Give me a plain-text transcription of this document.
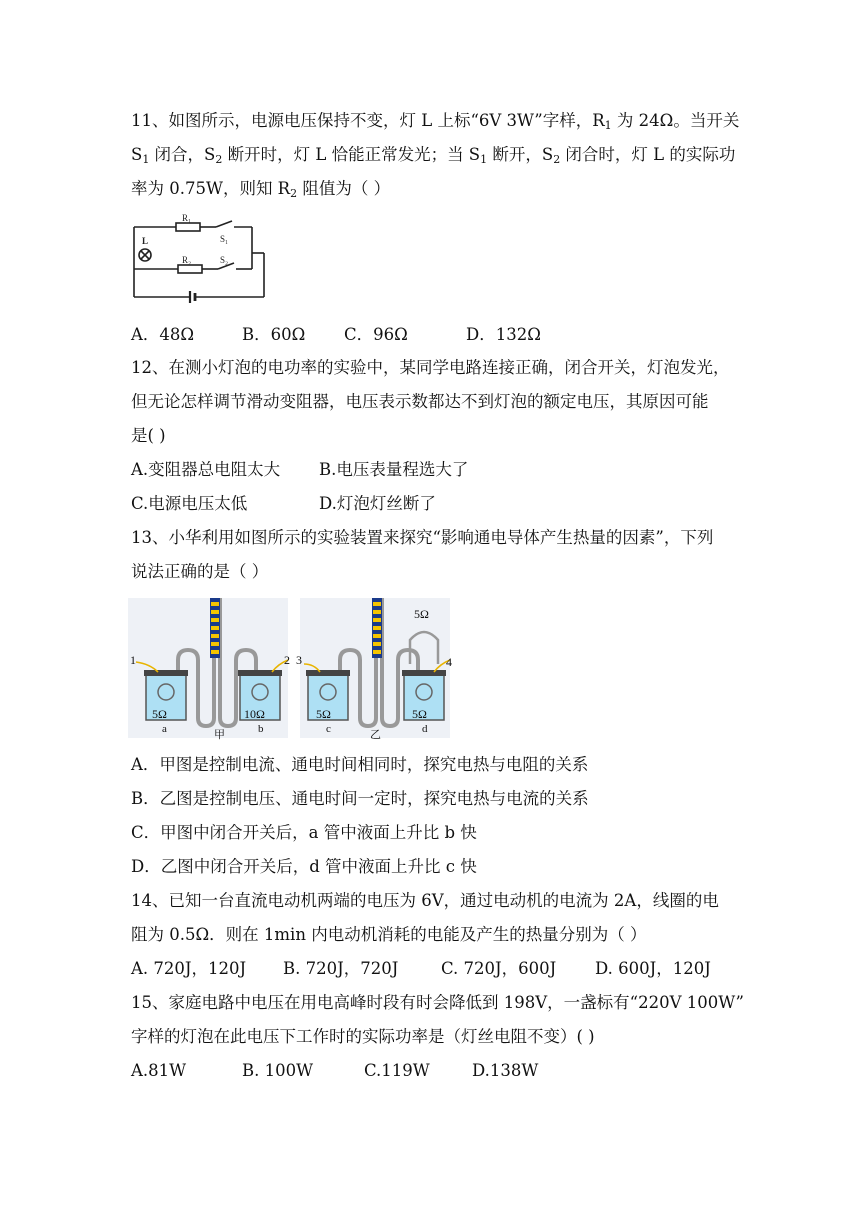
11、如图所示，电源电压保持不变，灯 L 上标“6V 3W”字样，$R_1$ 为 24Ω。当开关
$S_1$ 闭合，$S_2$ 断开时，灯 L 恰能正常发光；当 $S_1$ 断开，$S_2$ 闭合时，灯 L 的实际功
率为 0.75W，则知 $R_2$ 阻值为（ ）
L
R₁
S₁
R₂	S₂
A．48Ω	B．60Ω C．96Ω	D．132Ω
12、在测小灯泡的电功率的实验中，某同学电路连接正确，闭合开关，灯泡发光，
但无论怎样调节滑动变阻器，电压表示数都达不到灯泡的额定电压，其原因可能
是( )
A.变阻器总电阻太大 B.电压表量程选大了
C.电源电压太低	D.灯泡灯丝断了
13、小华利用如图所示的实验装置来探究“影响通电导体产生热量的因素”，下列
说法正确的是（ ）
1	2 3	4
5Ω	10Ω	5Ω	5Ω
5Ω
a	b	c	d
甲	乙
A．甲图是控制电流、通电时间相同时，探究电热与电阻的关系
B．乙图是控制电压、通电时间一定时，探究电热与电流的关系
C．甲图中闭合开关后，a 管中液面上升比 b 快
D．乙图中闭合开关后，d 管中液面上升比 c 快
14、已知一台直流电动机两端的电压为 6V，通过电动机的电流为 2A，线圈的电
阻为 0.5Ω．则在 1min 内电动机消耗的电能及产生的热量分别为（ ）
A. 720J，120J B. 720J，720J	C. 720J，600J D. 600J，120J
15、家庭电路中电压在用电高峰时段有时会降低到 198V，一盏标有“220V 100W”
字样的灯泡在此电压下工作时的实际功率是（灯丝电阻不变）( )
A.81W	B. 100W	C.119W	D.138W
